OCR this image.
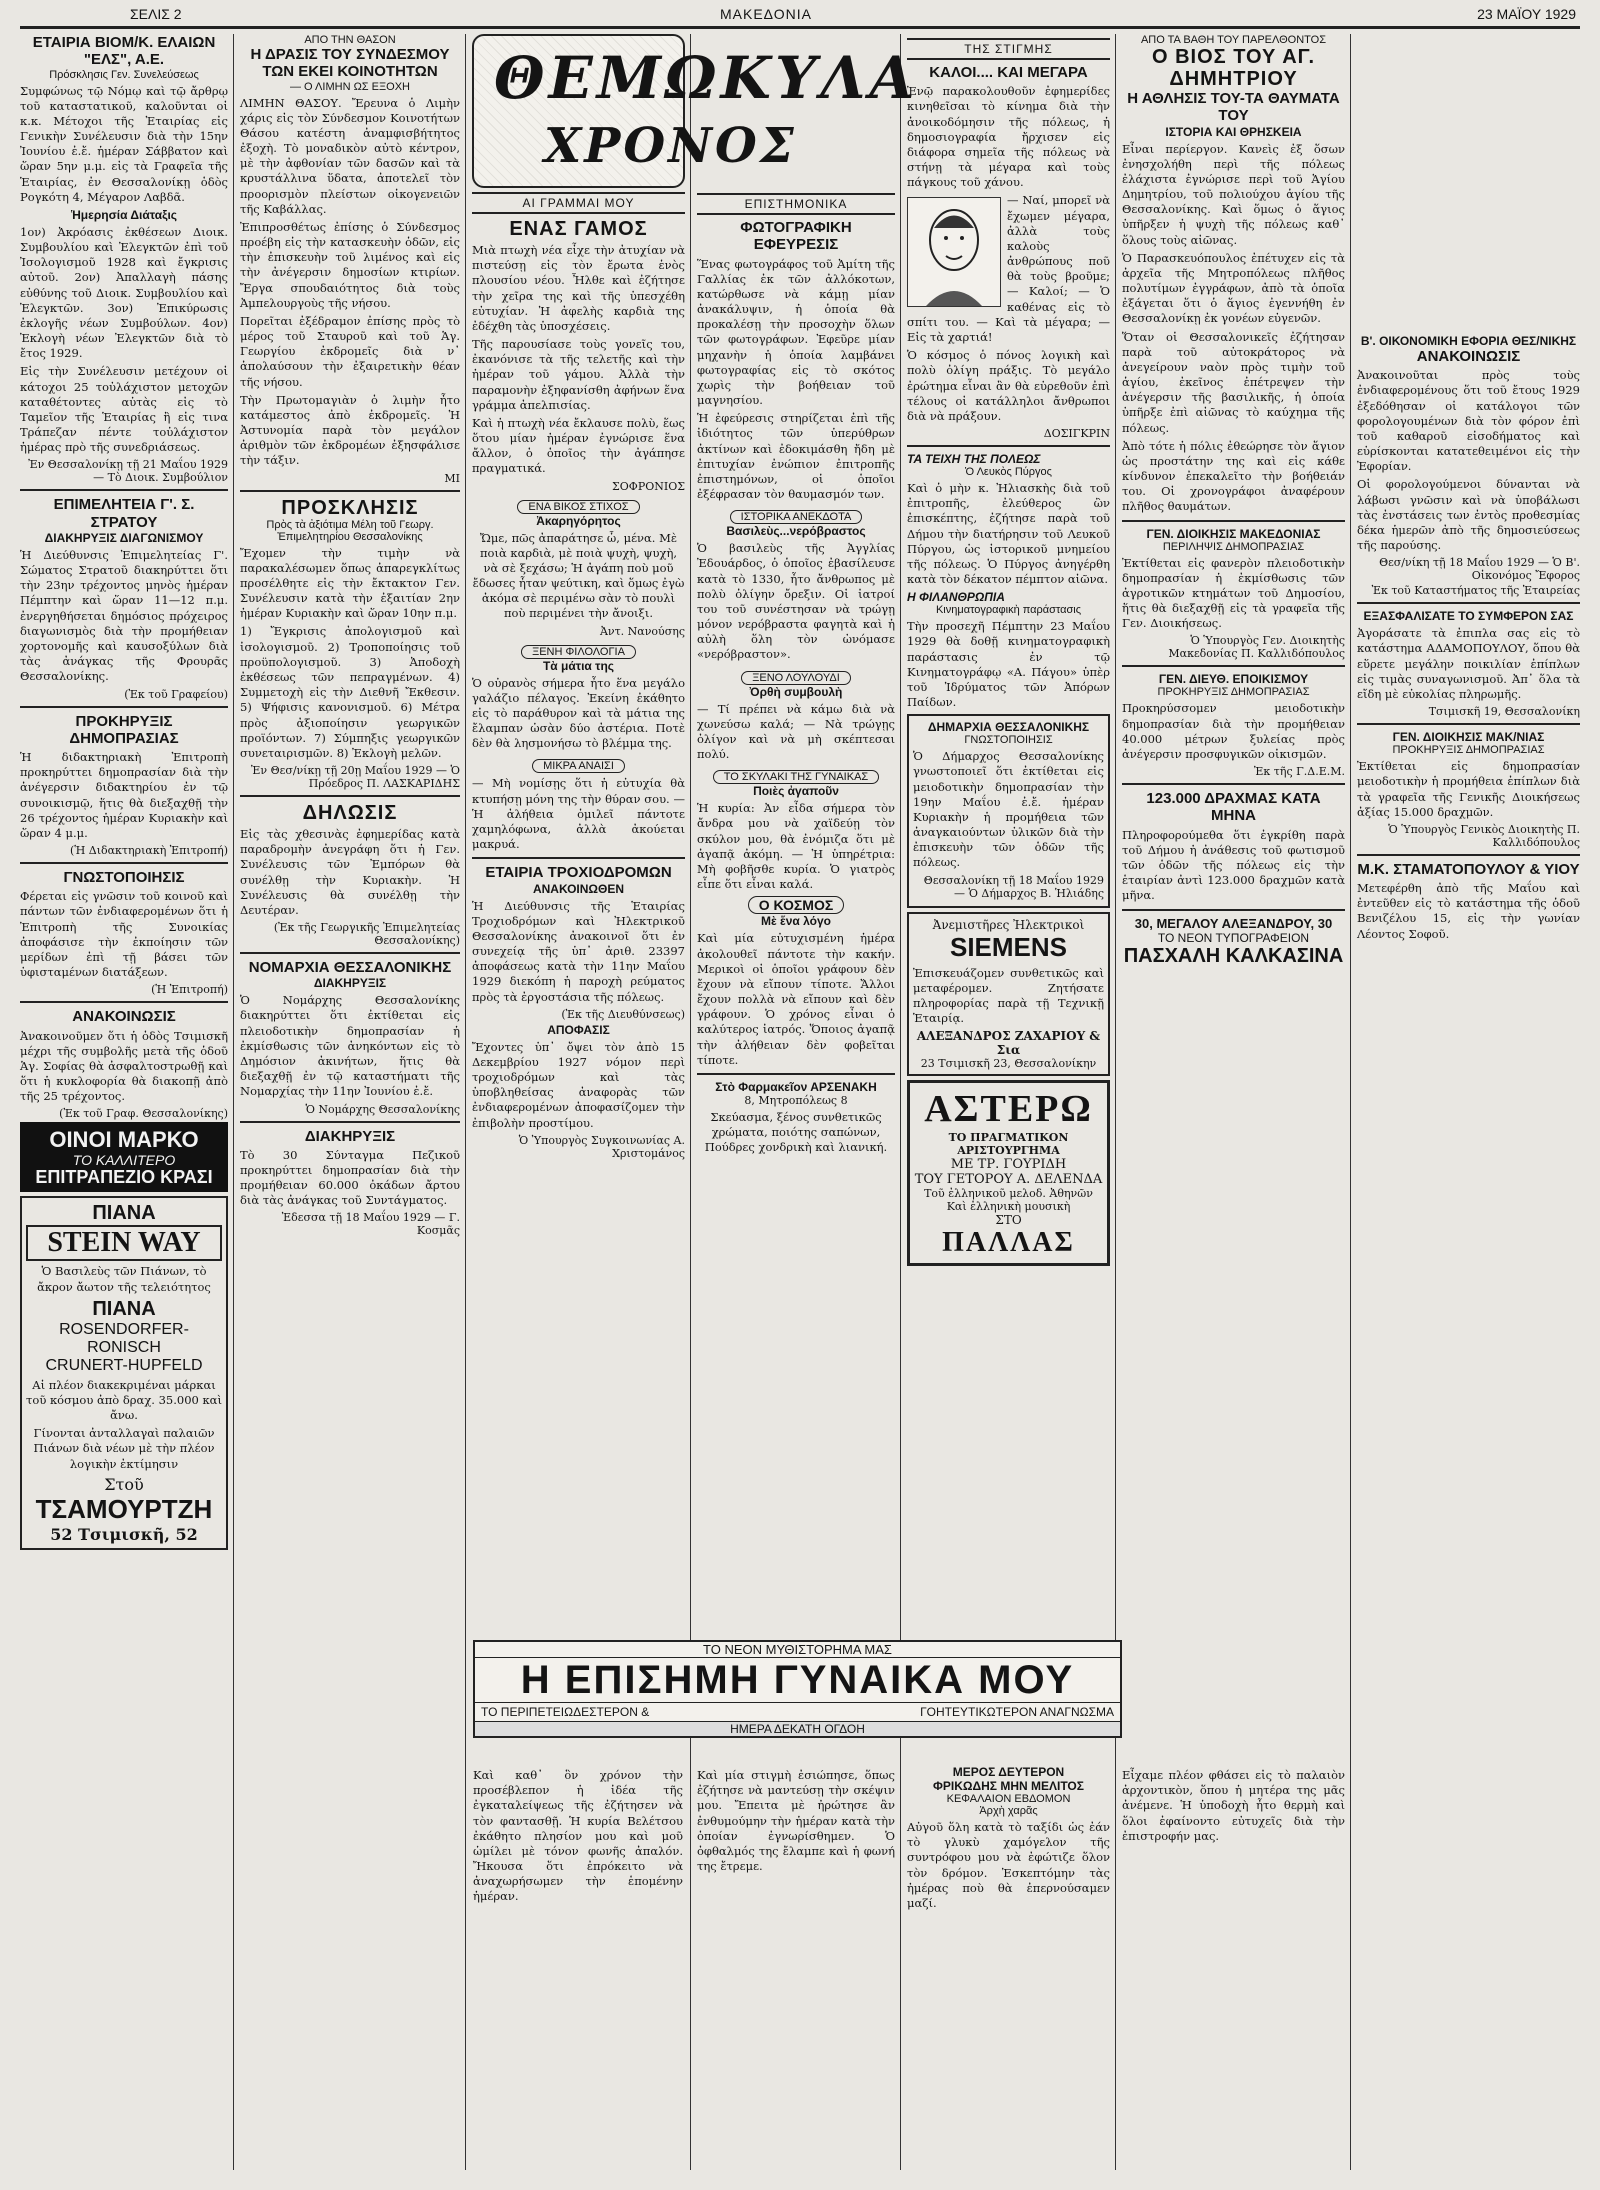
ΣΕΛΙΣ 2	ΜΑΚΕΔΟΝΙΑ	23 ΜΑΪΟΥ 1929
ΕΤΑΙΡΙΑ ΒΙΟΜ/Κ. ΕΛΑΙΩΝ "ΕΛΣ", Α.Ε.
Πρόσκλησις Γεν. Συνελεύσεως

Συμφώνως τῷ Νόμῳ καὶ τῷ ἄρθρῳ τοῦ καταστατικοῦ, καλοῦνται οἱ κ.κ. Μέτοχοι τῆς Ἑταιρίας εἰς Γενικὴν Συνέλευσιν διὰ τὴν 15ην Ἰουνίου ἐ.ἔ. ἡμέραν Σάββατον καὶ ὥραν 5ην μ.μ. εἰς τὰ Γραφεῖα τῆς Ἑταιρίας, ἐν Θεσσαλονίκῃ ὁδὸς Ρογκότη 4, Μέγαρον Λαβδᾶ.

Ἡμερησία Διάταξις

1ον) Ἀκρόασις ἐκθέσεων Διοικ. Συμβουλίου καὶ Ἐλεγκτῶν ἐπὶ τοῦ Ἰσολογισμοῦ 1928 καὶ ἔγκρισις αὐτοῦ. 2ον) Ἀπαλλαγὴ πάσης εὐθύνης τοῦ Διοικ. Συμβουλίου καὶ Ἐλεγκτῶν. 3ον) Ἐπικύρωσις ἐκλογῆς νέων Συμβούλων. 4ον) Ἐκλογὴ νέων Ἐλεγκτῶν διὰ τὸ ἔτος 1929.

Εἰς τὴν Συνέλευσιν μετέχουν οἱ κάτοχοι 25 τοὐλάχιστον μετοχῶν καταθέτοντες αὐτὰς εἰς τὸ Ταμεῖον τῆς Ἑταιρίας ἢ εἰς τινα Τράπεζαν πέντε τοὐλάχιστον ἡμέρας πρὸ τῆς συνεδριάσεως.

Ἐν Θεσσαλονίκῃ τῇ 21 Μαΐου 1929 — Τὸ Διοικ. Συμβούλιον
ΕΠΙΜΕΛΗΤΕΙΑ Γ'. Σ. ΣΤΡΑΤΟΥ
ΔΙΑΚΗΡΥΞΙΣ ΔΙΑΓΩΝΙΣΜΟΥ

Ἡ Διεύθυνσις Ἐπιμελητείας Γ'. Σώματος Στρατοῦ διακηρύττει ὅτι τὴν 23ην τρέχοντος μηνὸς ἡμέραν Πέμπτην καὶ ὥραν 11—12 π.μ. ἐνεργηθήσεται δημόσιος πρόχειρος διαγωνισμὸς διὰ τὴν προμήθειαν χορτονομῆς καὶ καυσοξύλων διὰ τὰς ἀνάγκας τῆς Φρουρᾶς Θεσσαλονίκης.

(Ἐκ τοῦ Γραφείου)
ΠΡΟΚΗΡΥΞΙΣ ΔΗΜΟΠΡΑΣΙΑΣ

Ἡ διδακτηριακὴ Ἐπιτροπὴ προκηρύττει δημοπρασίαν διὰ τὴν ἀνέγερσιν διδακτηρίου ἐν τῷ συνοικισμῷ, ἥτις θὰ διεξαχθῇ τὴν 26 τρέχοντος ἡμέραν Κυριακὴν καὶ ὥραν 4 μ.μ.

(Ἡ Διδακτηριακὴ Ἐπιτροπή)
ΓΝΩΣΤΟΠΟΙΗΣΙΣ

Φέρεται εἰς γνῶσιν τοῦ κοινοῦ καὶ πάντων τῶν ἐνδιαφερομένων ὅτι ἡ Ἐπιτροπὴ τῆς Συνοικίας ἀποφάσισε τὴν ἐκποίησιν τῶν μερίδων ἐπὶ τῇ βάσει τῶν ὑφισταμένων διατάξεων.

(Ἡ Ἐπιτροπή)
ΑΝΑΚΟΙΝΩΣΙΣ

Ἀνακοινοῦμεν ὅτι ἡ ὁδὸς Τσιμισκῆ μέχρι τῆς συμβολῆς μετὰ τῆς ὁδοῦ Ἁγ. Σοφίας θὰ ἀσφαλτοστρωθῇ καὶ ὅτι ἡ κυκλοφορία θὰ διακοπῇ ἀπὸ τῆς 25 τρέχοντος.

(Ἐκ τοῦ Γραφ. Θεσσαλονίκης)
ΟΙΝΟΙ ΜΑΡΚΟ
ΤΟ ΚΑΛΛΙΤΕΡΟ
ΕΠΙΤΡΑΠΕΖΙΟ ΚΡΑΣΙ
ΠΙΑΝΑ
STEIN WAY

Ὁ Βασιλεὺς τῶν Πιάνων, τὸ ἄκρον ἄωτον τῆς τελειότητος

ΠΙΑΝΑ
ROSENDORFER-RONISCH
CRUNERT-HUPFELD

Αἱ πλέον διακεκριμέναι μάρκαι τοῦ κόσμου ἀπὸ δραχ. 35.000 καὶ ἄνω.

Γίνονται ἀνταλλαγαὶ παλαιῶν Πιάνων διὰ νέων μὲ τὴν πλέον λογικὴν ἐκτίμησιν

Στοῦ
ΤΣΑΜΟΥΡΤΖΗ
52 Τσιμισκῆ, 52
ΑΠΟ ΤΗΝ ΘΑΣΟΝ
Η ΔΡΑΣΙΣ ΤΟΥ ΣΥΝΔΕΣΜΟΥ ΤΩΝ ΕΚΕΙ ΚΟΙΝΟΤΗΤΩΝ
— Ο ΛΙΜΗΝ ΩΣ ΕΞΟΧΗ

ΛΙΜΗΝ ΘΑΣΟΥ. Ἔρευνα ὁ Λιμὴν χάρις εἰς τὸν Σύνδεσμον Κοινοτήτων Θάσου κατέστη ἀναμφισβήτητος ἐξοχὴ. Τὸ μοναδικὸν αὐτὸ κέντρον, μὲ τὴν ἀφθονίαν τῶν δασῶν καὶ τὰ κρυστάλλινα ὕδατα, ἀποτελεῖ τὸν προορισμὸν πλείστων οἰκογενειῶν τῆς Καβάλλας.

Ἐπιπροσθέτως ἐπίσης ὁ Σύνδεσμος προέβη εἰς τὴν κατασκευὴν ὁδῶν, εἰς τὴν ἐπισκευὴν τοῦ λιμένος καὶ εἰς τὴν ἀνέγερσιν δημοσίων κτιρίων. Ἔργα σπουδαιότητος διὰ τοὺς Ἀμπελουργοὺς τῆς νήσου.

Πορεῖται ἐξέδραμον ἐπίσης πρὸς τὸ μέρος τοῦ Σταυροῦ καὶ τοῦ Ἁγ. Γεωργίου ἐκδρομεῖς διὰ ν᾽ ἀπολαύσουν τὴν ἐξαιρετικὴν θέαν τῆς νήσου.

Τὴν Πρωτομαγιὰν ὁ λιμὴν ἦτο κατάμεστος ἀπὸ ἐκδρομεῖς. Ἡ Ἀστυνομία παρὰ τὸν μεγάλον ἀριθμὸν τῶν ἐκδρομέων ἐξησφάλισε τὴν τάξιν.

ΜΙ
ΠΡΟΣΚΛΗΣΙΣ
Πρὸς τὰ ἀξιότιμα Μέλη τοῦ Γεωργ. Ἐπιμελητηρίου Θεσσαλονίκης

Ἔχομεν τὴν τιμὴν νὰ παρακαλέσωμεν ὅπως ἀπαρεγκλίτως προσέλθητε εἰς τὴν ἔκτακτον Γεν. Συνέλευσιν κατὰ τὴν ἐξαιτίαν 2ην ἡμέραν Κυριακὴν καὶ ὥραν 10ην π.μ.

1) Ἔγκρισις ἀπολογισμοῦ καὶ ἰσολογισμοῦ. 2) Τροποποίησις τοῦ προϋπολογισμοῦ. 3) Ἀποδοχὴ ἐκθέσεως τῶν πεπραγμένων. 4) Συμμετοχὴ εἰς τὴν Διεθνῆ Ἔκθεσιν. 5) Ψήφισις κανονισμοῦ. 6) Μέτρα πρὸς ἀξιοποίησιν γεωργικῶν προϊόντων. 7) Σύμπηξις γεωργικῶν συνεταιρισμῶν. 8) Ἐκλογὴ μελῶν.

Ἐν Θεσ/νίκῃ τῇ 20ῃ Μαΐου 1929 — Ὁ Πρόεδρος Π. ΛΑΣΚΑΡΙΔΗΣ
ΔΗΛΩΣΙΣ

Εἰς τὰς χθεσινὰς ἐφημερίδας κατὰ παραδρομὴν ἀνεγράφη ὅτι ἡ Γεν. Συνέλευσις τῶν Ἐμπόρων θὰ συνέλθῃ τὴν Κυριακὴν. Ἡ Συνέλευσις θὰ συνέλθῃ τὴν Δευτέραν.

(Ἐκ τῆς Γεωργικῆς Ἐπιμελητείας Θεσσαλονίκης)
ΝΟΜΑΡΧΙΑ ΘΕΣΣΑΛΟΝΙΚΗΣ
ΔΙΑΚΗΡΥΞΙΣ

Ὁ Νομάρχης Θεσσαλονίκης διακηρύττει ὅτι ἐκτίθεται εἰς πλειοδοτικὴν δημοπρασίαν ἡ ἐκμίσθωσις τῶν ἀνηκόντων εἰς τὸ Δημόσιον ἀκινήτων, ἥτις θὰ διεξαχθῇ ἐν τῷ καταστήματι τῆς Νομαρχίας τὴν 11ην Ἰουνίου ἐ.ἔ.

Ὁ Νομάρχης Θεσσαλονίκης
ΔΙΑΚΗΡΥΞΙΣ

Τὸ 30 Σύνταγμα Πεζικοῦ προκηρύττει δημοπρασίαν διὰ τὴν προμήθειαν 60.000 ὀκάδων ἄρτου διὰ τὰς ἀνάγκας τοῦ Συντάγματος.

Ἐδεσσα τῇ 18 Μαΐου 1929 — Γ. Κοσμᾶς
ΘΕΜΩΚΥΛΑ
ΧΡΟΝΟΣ
ΑΙ ΓΡΑΜΜΑΙ ΜΟΥ
ΕΝΑΣ ΓΑΜΟΣ

Μιὰ πτωχὴ νέα εἶχε τὴν ἀτυχίαν νὰ πιστεύσῃ εἰς τὸν ἔρωτα ἑνὸς πλουσίου νέου. Ἦλθε καὶ ἐζήτησε τὴν χεῖρα της καὶ τῆς ὑπεσχέθη εὐτυχίαν. Ἡ ἀφελὴς καρδιὰ της ἐδέχθη τὰς ὑποσχέσεις.

Τῆς παρουσίασε τοὺς γονεῖς του, ἐκανόνισε τὰ τῆς τελετῆς καὶ τὴν ἡμέραν τοῦ γάμου. Ἀλλὰ τὴν παραμονὴν ἐξηφανίσθη ἀφήνων ἕνα γράμμα ἀπελπισίας.

Καὶ ἡ πτωχὴ νέα ἔκλαυσε πολὺ, ἕως ὅτου μίαν ἡμέραν ἐγνώρισε ἕνα ἄλλον, ὁ ὁποῖος τὴν ἀγάπησε πραγματικά.

ΣΟΦΡΟΝΙΟΣ
ΕΝΑ ΒΙΚΟΣ ΣΤΙΧΟΣ
Ἀκαρηγόρητος

Ὤμε, πῶς ἀπαράτησε ὦ, μένα. Μὲ ποιὰ καρδιὰ, μὲ ποιὰ ψυχὴ, ψυχὴ, νὰ σὲ ξεχάσω; Ἡ ἀγάπη ποὺ μοῦ ἔδωσες ἦταν ψεύτικη, καὶ ὅμως ἐγὼ ἀκόμα σὲ περιμένω σὰν τὸ πουλὶ ποὺ περιμένει τὴν ἄνοιξι.

Ἀντ. Νανούσης
ΞΕΝΗ ΦΙΛΟΛΟΓΙΑ
Τὰ μάτια της

Ὁ οὐρανὸς σήμερα ἦτο ἕνα μεγάλο γαλάζιο πέλαγος. Ἐκείνη ἐκάθητο εἰς τὸ παράθυρον καὶ τὰ μάτια της ἔλαμπαν ὡσὰν δύο ἀστέρια. Ποτὲ δὲν θὰ λησμονήσω τὸ βλέμμα της.

ΜΙΚΡΑ ΑΝΑΙΣΙ

— Μὴ νομίσῃς ὅτι ἡ εὐτυχία θὰ κτυπήσῃ μόνη της τὴν θύραν σου. — Ἡ ἀλήθεια ὁμιλεῖ πάντοτε χαμηλόφωνα, ἀλλὰ ἀκούεται μακρυά.

ΕΤΑΙΡΙΑ ΤΡΟΧΙΟΔΡΟΜΩΝ
ΑΝΑΚΟΙΝΩΘΕΝ

Ἡ Διεύθυνσις τῆς Ἑταιρίας Τροχιοδρόμων καὶ Ἠλεκτρικοῦ Θεσσαλονίκης ἀνακοινοῖ ὅτι ἐν συνεχείᾳ τῆς ὑπ᾽ ἀριθ. 23397 ἀποφάσεως κατὰ τὴν 11ην Μαΐου 1929 διεκόπη ἡ παροχὴ ρεύματος πρὸς τὰ ἐργοστάσια τῆς πόλεως.

(Ἐκ τῆς Διευθύνσεως)
ΑΠΟΦΑΣΙΣ

Ἔχοντες ὑπ᾽ ὄψει τὸν ἀπὸ 15 Δεκεμβρίου 1927 νόμον περὶ τροχιοδρόμων καὶ τὰς ὑποβληθείσας ἀναφορὰς τῶν ἐνδιαφερομένων ἀποφασίζομεν τὴν ἐπιβολὴν προστίμου.

Ὁ Ὑπουργὸς Συγκοινωνίας Α. Χριστομάνος
ΕΠΙΣΤΗΜΟΝΙΚΑ
ΦΩΤΟΓΡΑΦΙΚΗ ΕΦΕΥΡΕΣΙΣ

Ἕνας φωτογράφος τοῦ Ἀμίτη τῆς Γαλλίας ἐκ τῶν ἀλλόκοτων, κατώρθωσε νὰ κάμῃ μίαν ἀνακάλυψιν, ἡ ὁποία θὰ προκαλέσῃ τὴν προσοχὴν ὅλων τῶν φωτογράφων. Ἐφεῦρε μίαν μηχανὴν ἡ ὁποία λαμβάνει φωτογραφίας εἰς τὸ σκότος χωρὶς τὴν βοήθειαν τοῦ μαγνησίου.

Ἡ ἐφεύρεσις στηρίζεται ἐπὶ τῆς ἰδιότητος τῶν ὑπερύθρων ἀκτίνων καὶ ἐδοκιμάσθη ἤδη μὲ ἐπιτυχίαν ἐνώπιον ἐπιτροπῆς ἐπιστημόνων, οἱ ὁποῖοι ἐξέφρασαν τὸν θαυμασμόν των.

ΙΣΤΟΡΙΚΑ ΑΝΕΚΔΟΤΑ
Βασιλεὺς...νερόβραστος

Ὁ βασιλεὺς τῆς Ἀγγλίας Ἐδουάρδος, ὁ ὁποῖος ἐβασίλευσε κατὰ τὸ 1330, ἦτο ἄνθρωπος μὲ πολὺ ὀλίγην ὄρεξιν. Οἱ ἰατροί του τοῦ συνέστησαν νὰ τρώγῃ μόνον νερόβραστα φαγητὰ καὶ ἡ αὐλὴ ὅλη τὸν ὠνόμασε «νερόβραστον».

ΞΕΝΟ ΛΟΥΛΟΥΔΙ
Ὀρθὴ συμβουλὴ

— Τί πρέπει νὰ κάμω διὰ νὰ χωνεύσω καλά; — Νὰ τρώγῃς ὀλίγον καὶ νὰ μὴ σκέπτεσαι πολύ.

ΤΟ ΣΚΥΛΑΚΙ ΤΗΣ ΓΥΝΑΙΚΑΣ
Ποιὲς ἀγαποῦν

Ἡ κυρία: Ἀν εἶδα σήμερα τὸν ἄνδρα μου νὰ χαϊδεύῃ τὸν σκύλον μου, θὰ ἐνόμιζα ὅτι μὲ ἀγαπᾷ ἀκόμη. — Ἡ ὑπηρέτρια: Μὴ φοβῆσθε κυρία. Ὁ γιατρὸς εἶπε ὅτι εἶναι καλά.

Ο ΚΟΣΜΟΣ
Μὲ ἕνα λόγο

Καὶ μία εὐτυχισμένη ἡμέρα ἀκολουθεῖ πάντοτε τὴν κακήν. Μερικοὶ οἱ ὁποῖοι γράφουν δὲν ἔχουν νὰ εἴπουν τίποτε. Ἄλλοι ἔχουν πολλὰ νὰ εἴπουν καὶ δὲν γράφουν. Ὁ χρόνος εἶναι ὁ καλύτερος ἰατρός. Ὅποιος ἀγαπᾷ τὴν ἀλήθειαν δὲν φοβεῖται τίποτε.

Στὸ Φαρμακεῖον ΑΡΣΕΝΑΚΗ
8, Μητροπόλεως 8

Σκεύασμα, ξένος συνθετικῶς χρώματα, ποιότης σαπώνων, Πούδρες χονδρικὴ καὶ λιανική.

ΤΗΣ ΣΤΙΓΜΗΣ
ΚΑΛΟΙ.... ΚΑΙ ΜΕΓΑΡΑ

Ἐνῷ παρακολουθοῦν ἐφημερίδες κινηθεῖσαι τὸ κίνημα διὰ τὴν ἀνοικοδόμησιν τῆς πόλεως, ἡ δημοσιογραφία ἤρχισεν εἰς διάφορα σημεῖα τῆς πόλεως νὰ στήνῃ τὰ μέγαρα καὶ τοὺς πάγκους τοῦ χάνου.

— Ναί, μπορεῖ νὰ ἔχωμεν μέγαρα, ἀλλὰ τοὺς καλοὺς ἀνθρώπους ποῦ θὰ τοὺς βροῦμε; — Καλοί; — Ὁ καθένας εἰς τὸ σπίτι του. — Καὶ τὰ μέγαρα; — Εἰς τὰ χαρτιά!

Ὁ κόσμος ὁ πόνος λογικὴ καὶ πολὺ ὀλίγη πράξις. Τὸ μεγάλο ἐρώτημα εἶναι ἂν θὰ εὑρεθοῦν ἐπὶ τέλους οἱ κατάλληλοι ἄνθρωποι διὰ νὰ πράξουν.

ΔΟΣΙΓΚΡΙΝ
ΤΑ ΤΕΙΧΗ ΤΗΣ ΠΟΛΕΩΣ
Ὁ Λευκὸς Πύργος

Καὶ ὁ μὴν κ. Ἠλιασκὴς διὰ τοῦ ἐπιτροπῆς, ἐλεύθερος ὢν ἐπισκέπτης, ἐζήτησε παρὰ τοῦ Δήμου τὴν διατήρησιν τοῦ Λευκοῦ Πύργου, ὡς ἱστορικοῦ μνημείου τῆς πόλεως. Ὁ Πύργος ἀνηγέρθη κατὰ τὸν δέκατον πέμπτον αἰῶνα.

Η ΦΙΛΑΝΘΡΩΠΙΑ
Κινηματογραφικὴ παράστασις

Τὴν προσεχῆ Πέμπτην 23 Μαΐου 1929 θὰ δοθῇ κινηματογραφικὴ παράστασις ἐν τῷ Κινηματογράφῳ «Α. Πάγου» ὑπὲρ τοῦ Ἱδρύματος τῶν Ἀπόρων Παίδων.

ΔΗΜΑΡΧΙΑ ΘΕΣΣΑΛΟΝΙΚΗΣ
ΓΝΩΣΤΟΠΟΙΗΣΙΣ

Ὁ Δήμαρχος Θεσσαλονίκης γνωστοποιεῖ ὅτι ἐκτίθεται εἰς μειοδοτικὴν δημοπρασίαν τὴν 19ην Μαΐου ἐ.ἔ. ἡμέραν Κυριακὴν ἡ προμήθεια τῶν ἀναγκαιούντων ὑλικῶν διὰ τὴν ἐπισκευὴν τῶν ὁδῶν τῆς πόλεως.

Θεσσαλονίκη τῇ 18 Μαΐου 1929 — Ὁ Δήμαρχος Β. Ἡλιάδης
Ἀνεμιστῆρες Ἠλεκτρικοὶ
SIEMENS

Ἐπισκευάζομεν συνθετικῶς καὶ μεταφέρομεν. Ζητήσατε πληροφορίας παρὰ τῇ Τεχνικῇ Ἑταιρίᾳ.

ΑΛΕΞΑΝΔΡΟΣ ΖΑΧΑΡΙΟΥ & Σια
23 Τσιμισκῆ 23, Θεσσαλονίκην
ΑΣΤΕΡΩ
ΤΟ ΠΡΑΓΜΑΤΙΚΟΝ ΑΡΙΣΤΟΥΡΓΗΜΑ
ΜΕ ΤΡ. ΓΟΥΡΙΔΗ
ΤΟΥ ΓΕΤΟΡΟΥ Α. ΔΕΛΕΝΔΑ
Τοῦ ἐλληνικοῦ μελοδ. Ἀθηνῶν
Καὶ ἑλληνικὴ μουσικὴ
ΣΤΟ
ΠΑΛΛΑΣ
ΑΠΟ ΤΑ ΒΑΘΗ ΤΟΥ ΠΑΡΕΛΘΟΝΤΟΣ
Ο ΒΙΟΣ ΤΟΥ ΑΓ. ΔΗΜΗΤΡΙΟΥ
Η ΑΘΛΗΣΙΣ ΤΟΥ-ΤΑ ΘΑΥΜΑΤΑ ΤΟΥ
ΙΣΤΟΡΙΑ ΚΑΙ ΘΡΗΣΚΕΙΑ

Εἶναι περίεργον. Κανεὶς ἐξ ὅσων ἐνησχολήθη περὶ τῆς πόλεως ἐλάχιστα ἐγνώρισε περὶ τοῦ Ἁγίου Δημητρίου, τοῦ πολιούχου ἁγίου τῆς Θεσσαλονίκης. Καὶ ὅμως ὁ ἅγιος ὑπῆρξεν ἡ ψυχὴ τῆς πόλεως καθ᾽ ὅλους τοὺς αἰῶνας.

Ὁ Παρασκευόπουλος ἐπέτυχεν εἰς τὰ ἀρχεῖα τῆς Μητροπόλεως πλῆθος πολυτίμων ἐγγράφων, ἀπὸ τὰ ὁποῖα ἐξάγεται ὅτι ὁ ἅγιος ἐγεννήθη ἐν Θεσσαλονίκῃ ἐκ γονέων εὐγενῶν.

Ὅταν οἱ Θεσσαλονικεῖς ἐζήτησαν παρὰ τοῦ αὐτοκράτορος νὰ ἀνεγείρουν ναὸν πρὸς τιμὴν τοῦ ἁγίου, ἐκεῖνος ἐπέτρεψεν τὴν ἀνέγερσιν τῆς βασιλικῆς, ἡ ὁποία ὑπῆρξε ἐπὶ αἰῶνας τὸ καύχημα τῆς πόλεως.

Ἀπὸ τότε ἡ πόλις ἐθεώρησε τὸν ἅγιον ὡς προστάτην της καὶ εἰς κάθε κίνδυνον ἐπεκαλεῖτο τὴν βοήθειάν του. Οἱ χρονογράφοι ἀναφέρουν πλῆθος θαυμάτων.

ΓΕΝ. ΔΙΟΙΚΗΣΙΣ ΜΑΚΕΔΟΝΙΑΣ
ΠΕΡΙΛΗΨΙΣ ΔΗΜΟΠΡΑΣΙΑΣ

Ἐκτίθεται εἰς φανερὸν πλειοδοτικὴν δημοπρασίαν ἡ ἐκμίσθωσις τῶν ἀγροτικῶν κτημάτων τοῦ Δημοσίου, ἥτις θὰ διεξαχθῇ εἰς τὰ γραφεῖα τῆς Γεν. Διοικήσεως.

Ὁ Ὑπουργὸς Γεν. Διοικητὴς Μακεδονίας Π. Καλλιδόπουλος
ΓΕΝ. ΔΙΕΥΘ. ΕΠΟΙΚΙΣΜΟΥ
ΠΡΟΚΗΡΥΞΙΣ ΔΗΜΟΠΡΑΣΙΑΣ

Προκηρύσσομεν μειοδοτικὴν δημοπρασίαν διὰ τὴν προμήθειαν 40.000 μέτρων ξυλείας πρὸς ἀνέγερσιν προσφυγικῶν οἰκισμῶν.

Ἐκ τῆς Γ.Δ.Ε.Μ.
123.000 ΔΡΑΧΜΑΣ ΚΑΤΑ ΜΗΝΑ

Πληροφορούμεθα ὅτι ἐγκρίθη παρὰ τοῦ Δήμου ἡ ἀνάθεσις τοῦ φωτισμοῦ τῶν ὁδῶν τῆς πόλεως εἰς τὴν ἑταιρίαν ἀντὶ 123.000 δραχμῶν κατὰ μῆνα.

30, ΜΕΓΑΛΟΥ ΑΛΕΞΑΝΔΡΟΥ, 30
ΤΟ ΝΕΟΝ ΤΥΠΟΓΡΑΦΕΙΟΝ
ΠΑΣΧΑΛΗ ΚΑΛΚΑΣΙΝΑ
Β'. ΟΙΚΟΝΟΜΙΚΗ ΕΦΟΡΙΑ ΘΕΣ/ΝΙΚΗΣ
ΑΝΑΚΟΙΝΩΣΙΣ

Ἀνακοινοῦται πρὸς τοὺς ἐνδιαφερομένους ὅτι τοῦ ἔτους 1929 ἐξεδόθησαν οἱ κατάλογοι τῶν φορολογουμένων διὰ τὸν φόρον ἐπὶ τοῦ καθαροῦ εἰσοδήματος καὶ εὑρίσκονται κατατεθειμένοι εἰς τὴν Ἐφορίαν.

Οἱ φορολογούμενοι δύνανται νὰ λάβωσι γνῶσιν καὶ νὰ ὑποβάλωσι τὰς ἐνστάσεις των ἐντὸς προθεσμίας δέκα ἡμερῶν ἀπὸ τῆς δημοσιεύσεως τῆς παρούσης.

Θεσ/νίκη τῇ 18 Μαΐου 1929 — Ὁ Β'. Οἰκονόμος Ἔφορος
Ἐκ τοῦ Καταστήματος τῆς Ἑταιρείας
ΕΞΑΣΦΑΛΙΣΑΤΕ ΤΟ ΣΥΜΦΕΡΟΝ ΣΑΣ

Ἀγοράσατε τὰ ἐπιπλα σας εἰς τὸ κατάστημα ΑΔΑΜΟΠΟΥΛΟΥ, ὅπου θὰ εὕρετε μεγάλην ποικιλίαν ἐπίπλων εἰς τιμὰς συναγωνισμοῦ. Ἀπ᾽ ὅλα τὰ εἴδη μὲ εὐκολίας πληρωμῆς.

Τσιμισκῆ 19, Θεσσαλονίκη
ΓΕΝ. ΔΙΟΙΚΗΣΙΣ ΜΑΚ/ΝΙΑΣ
ΠΡΟΚΗΡΥΞΙΣ ΔΗΜΟΠΡΑΣΙΑΣ

Ἐκτίθεται εἰς δημοπρασίαν μειοδοτικὴν ἡ προμήθεια ἐπίπλων διὰ τὰ γραφεῖα τῆς Γενικῆς Διοικήσεως ἀξίας 15.000 δραχμῶν.

Ὁ Ὑπουργὸς Γενικὸς Διοικητὴς Π. Καλλιδόπουλος
Μ.Κ. ΣΤΑΜΑΤΟΠΟΥΛΟΥ & ΥΙΟΥ

Μετεφέρθη ἀπὸ τῆς Μαΐου καὶ ἐντεῦθεν εἰς τὸ κατάστημα τῆς ὁδοῦ Βενιζέλου 15, εἰς τὴν γωνίαν Λέοντος Σοφοῦ.

ΤΟ ΝΕΟΝ ΜΥΘΙΣΤΟΡΗΜΑ ΜΑΣ
Η ΕΠΙΣΗΜΗ ΓΥΝΑΙΚΑ ΜΟΥ
ΤΟ ΠΕΡΙΠΕΤΕΙΩΔΕΣΤΕΡΟΝ &	ΓΟΗΤΕΥΤΙΚΩΤΕΡΟΝ ΑΝΑΓΝΩΣΜΑ
ΗΜΕΡΑ ΔΕΚΑΤΗ ΟΓΔΟΗ

Καὶ καθ᾽ ὃν χρόνον τὴν προσέβλεπον ἡ ἰδέα τῆς ἐγκαταλείψεως τῆς ἐζήτησεν νὰ τὸν φαντασθῇ. Ἡ κυρία Βελέτσου ἐκάθητο πλησίον μου καὶ μοῦ ὡμίλει μὲ τόνον φωνῆς ἀπαλόν. Ἤκουσα ὅτι ἐπρόκειτο νὰ ἀναχωρήσωμεν τὴν ἑπομένην ἡμέραν.

Καὶ μία στιγμὴ ἐσιώπησε, ὅπως ἐζήτησε νὰ μαντεύσῃ τὴν σκέψιν μου. Ἔπειτα μὲ ἠρώτησε ἂν ἐνθυμούμην τὴν ἡμέραν κατὰ τὴν ὁποίαν ἐγνωρίσθημεν. Ὁ ὀφθαλμός της ἔλαμπε καὶ ἡ φωνή της ἔτρεμε.

ΜΕΡΟΣ ΔΕΥΤΕΡΟΝ
ΦΡΙΚΩΔΗΣ ΜΗΝ ΜΕΛΙΤΟΣ
ΚΕΦΑΛΑΙΟΝ ΕΒΔΟΜΟΝ
Ἀρχὴ χαρᾶς

Αὐγοῦ ὅλη κατὰ τὸ ταξίδι ὡς ἐάν τὸ γλυκὺ χαμόγελον τῆς συντρόφου μου νὰ ἐφώτιζε ὅλον τὸν δρόμον. Ἐσκεπτόμην τὰς ἡμέρας ποὺ θὰ ἐπερνούσαμεν μαζί.

Εἶχαμε πλέον φθάσει εἰς τὸ παλαιὸν ἀρχοντικὸν, ὅπου ἡ μητέρα της μᾶς ἀνέμενε. Ἡ ὑποδοχὴ ἦτο θερμὴ καὶ ὅλοι ἐφαίνοντο εὐτυχεῖς διὰ τὴν ἐπιστροφήν μας.
